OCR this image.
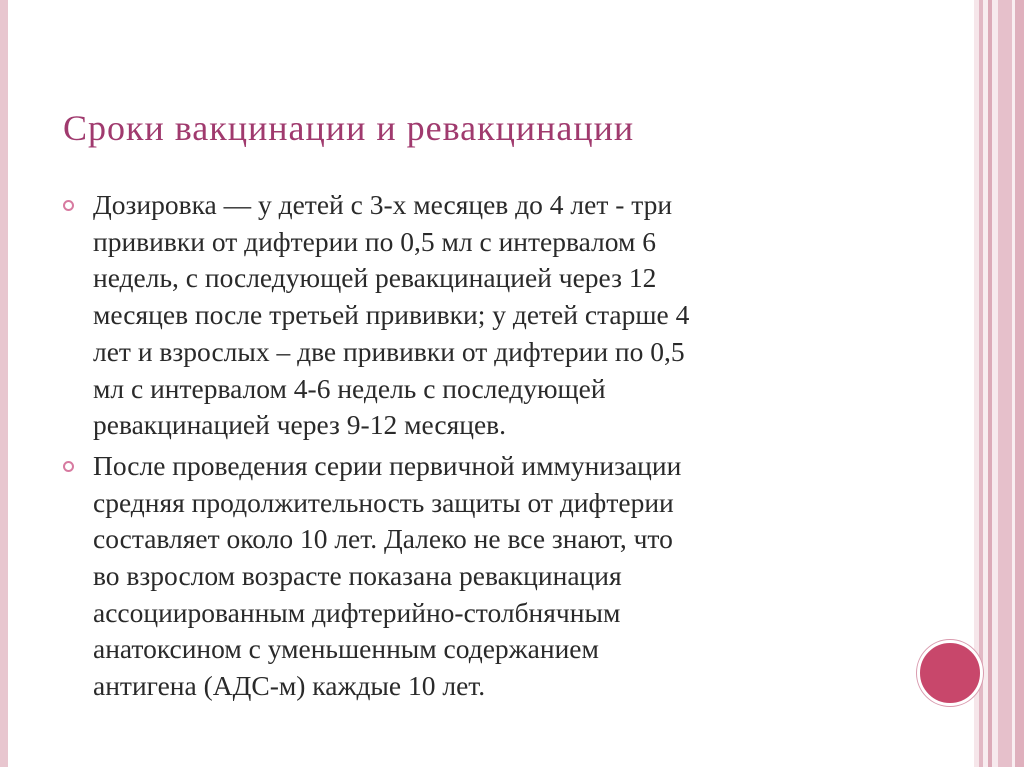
Сроки вакцинации и ревакцинации
Дозировка — у детей с 3-х месяцев до 4 лет - три
прививки от дифтерии по 0,5 мл с интервалом 6
недель, с последующей ревакцинацией через 12
месяцев после третьей прививки; у детей старше 4
лет и взрослых – две прививки от дифтерии по 0,5
мл с интервалом 4-6 недель с последующей
ревакцинацией через 9-12 месяцев.
После проведения серии первичной иммунизации
средняя продолжительность защиты от дифтерии
составляет около 10 лет. Далеко не все знают, что
во взрослом возрасте показана ревакцинация
ассоциированным дифтерийно-столбнячным
анатоксином с уменьшенным содержанием
антигена (АДС-м) каждые 10 лет.
